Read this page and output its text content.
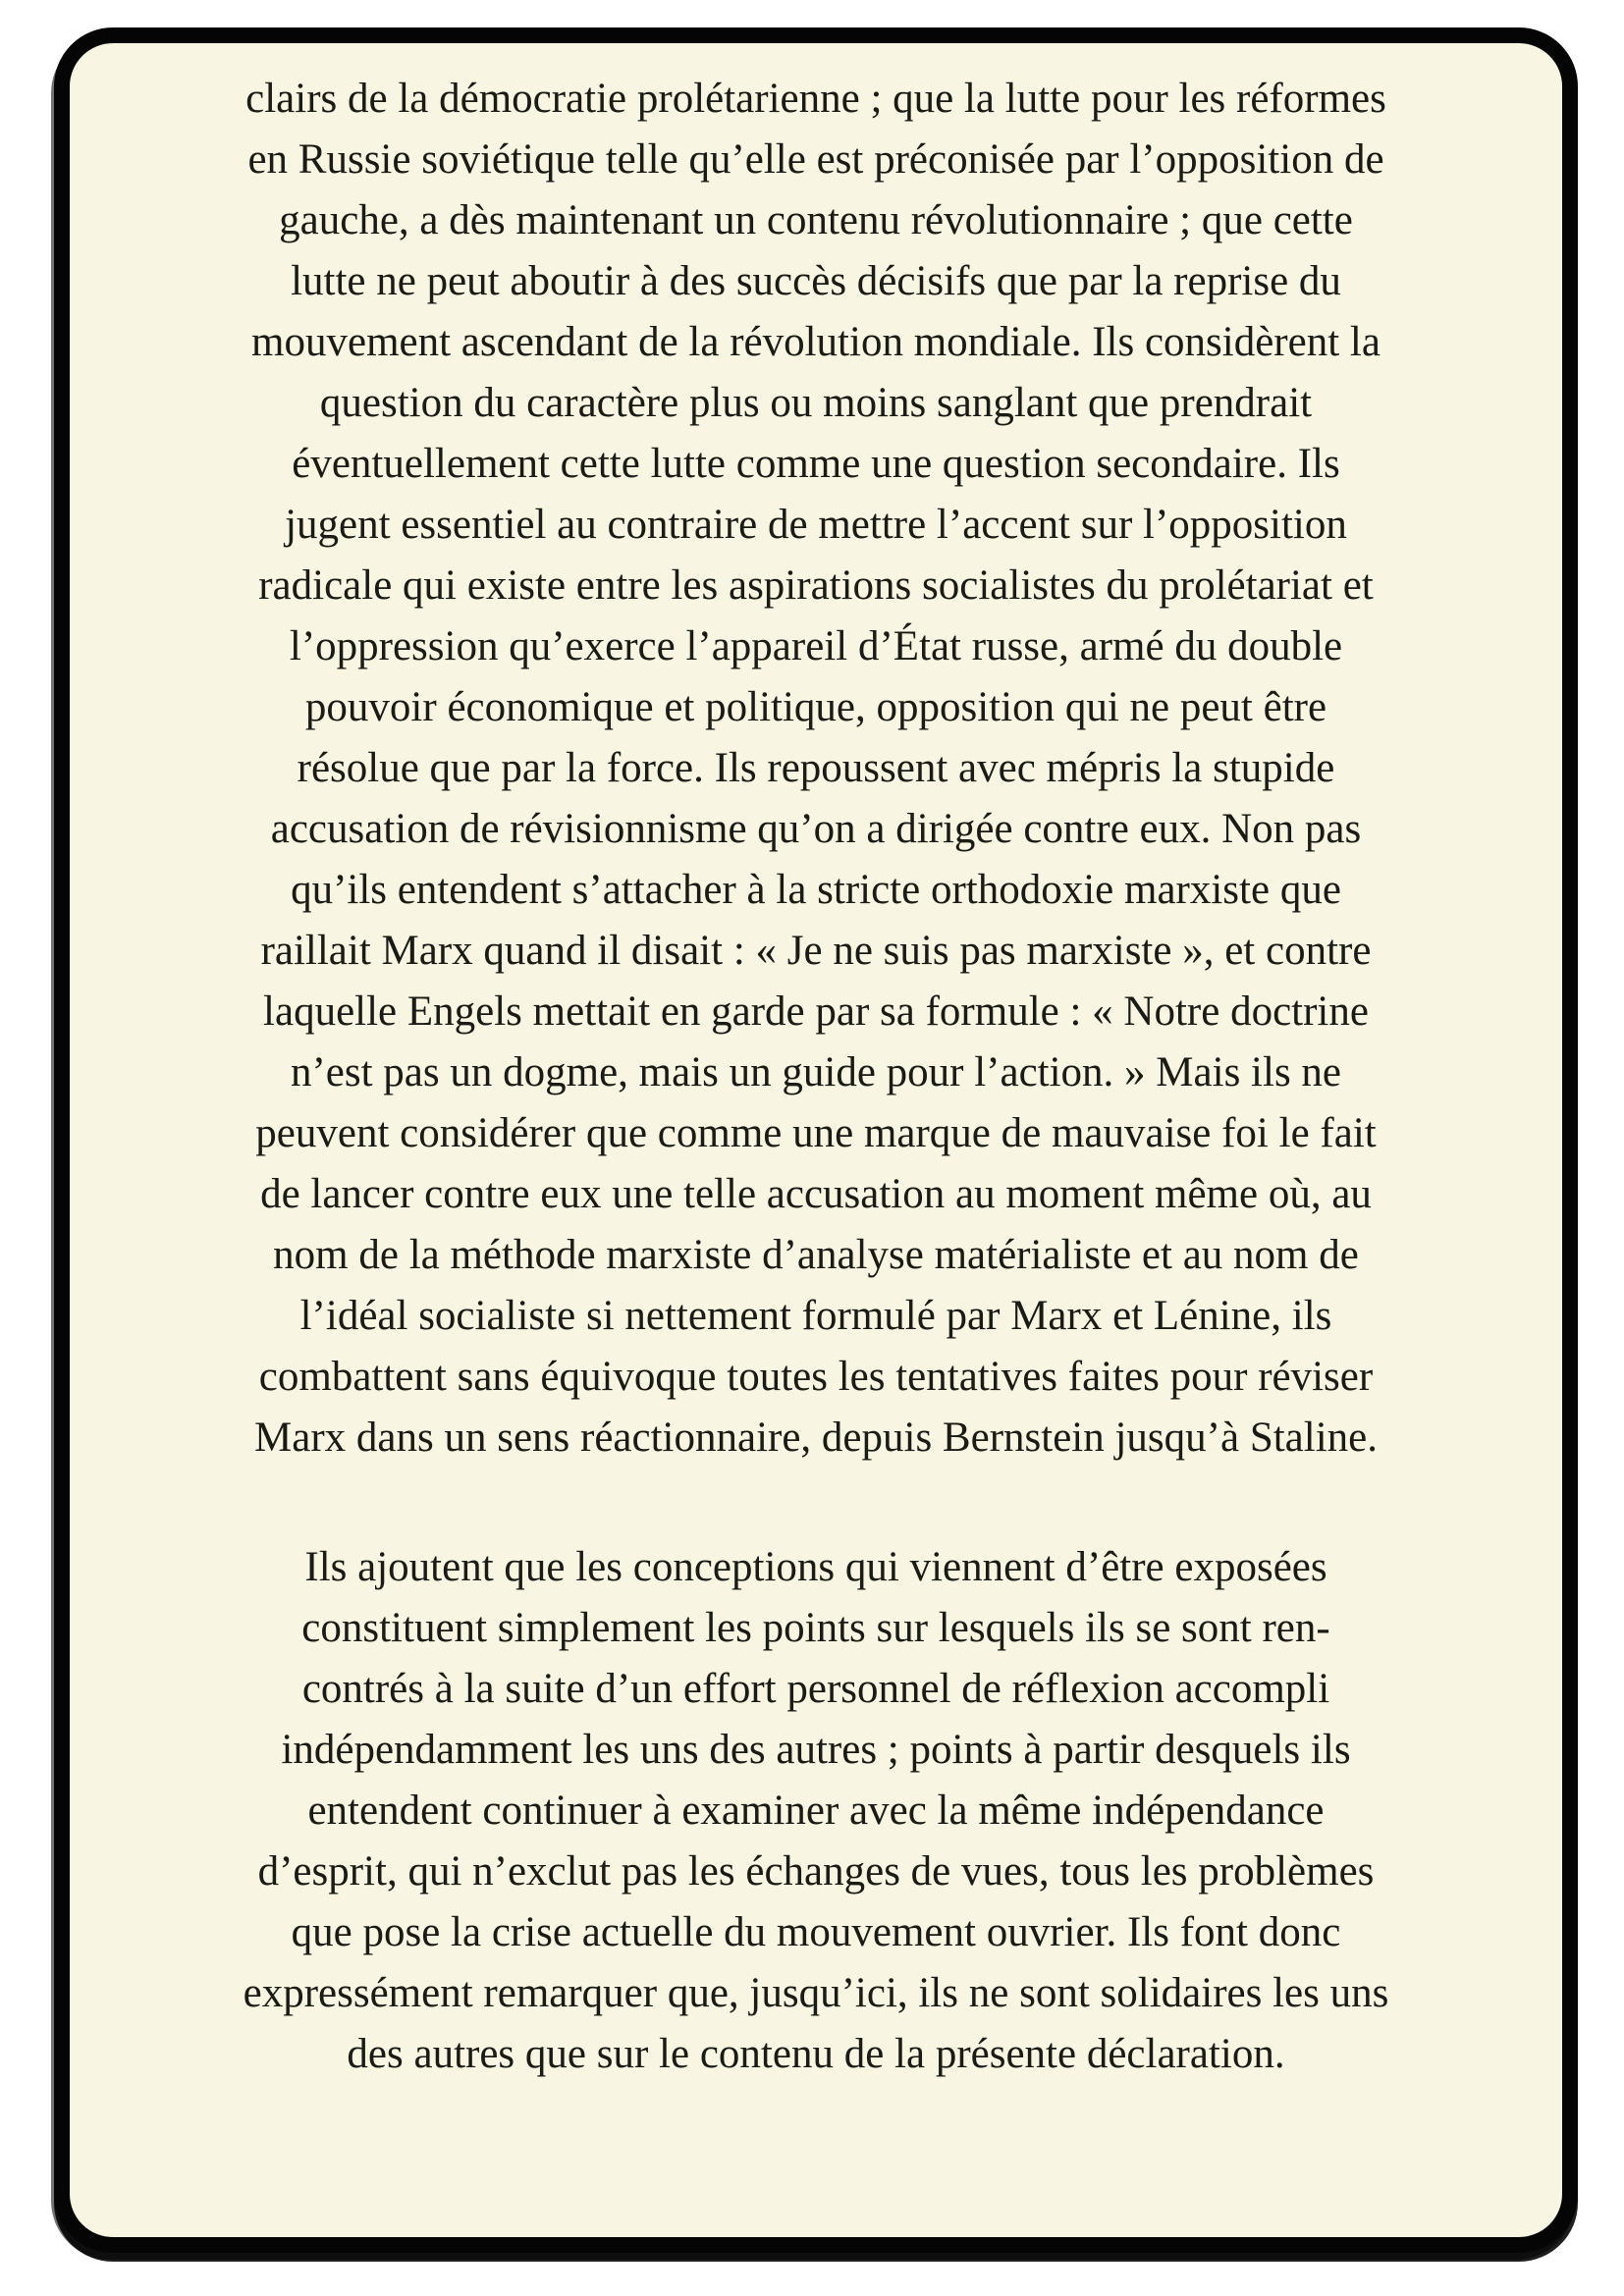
clairs de la démocratie prolétarienne ; que la lutte pour les réformes
en Russie soviétique telle qu’elle est préconisée par l’opposition de
gauche, a dès maintenant un contenu révolutionnaire ; que cette
lutte ne peut aboutir à des succès décisifs que par la reprise du
mouvement ascendant de la révolution mondiale. Ils considèrent la
question du caractère plus ou moins sanglant que prendrait
éventuellement cette lutte comme une question secondaire. Ils
jugent essentiel au contraire de mettre l’accent sur l’opposition
radicale qui existe entre les aspirations socialistes du prolétariat et
l’oppression qu’exerce l’appareil d’État russe, armé du double
pouvoir économique et politique, opposition qui ne peut être
résolue que par la force. Ils repoussent avec mépris la stupide
accusation de révisionnisme qu’on a dirigée contre eux. Non pas
qu’ils entendent s’attacher à la stricte orthodoxie marxiste que
raillait Marx quand il disait : « Je ne suis pas marxiste », et contre
laquelle Engels mettait en garde par sa formule : « Notre doctrine
n’est pas un dogme, mais un guide pour l’action. » Mais ils ne
peuvent considérer que comme une marque de mauvaise foi le fait
de lancer contre eux une telle accusation au moment même où, au
nom de la méthode marxiste d’analyse matérialiste et au nom de
l’idéal socialiste si nettement formulé par Marx et Lénine, ils
combattent sans équivoque toutes les tentatives faites pour réviser
Marx dans un sens réactionnaire, depuis Bernstein jusqu’à Staline.

Ils ajoutent que les conceptions qui viennent d’être exposées
constituent simplement les points sur lesquels ils se sont ren-
contrés à la suite d’un effort personnel de réflexion accompli
indépendamment les uns des autres ; points à partir desquels ils
entendent continuer à examiner avec la même indépendance
d’esprit, qui n’exclut pas les échanges de vues, tous les problèmes
que pose la crise actuelle du mouvement ouvrier. Ils font donc
expressément remarquer que, jusqu’ici, ils ne sont solidaires les uns
des autres que sur le contenu de la présente déclaration.
